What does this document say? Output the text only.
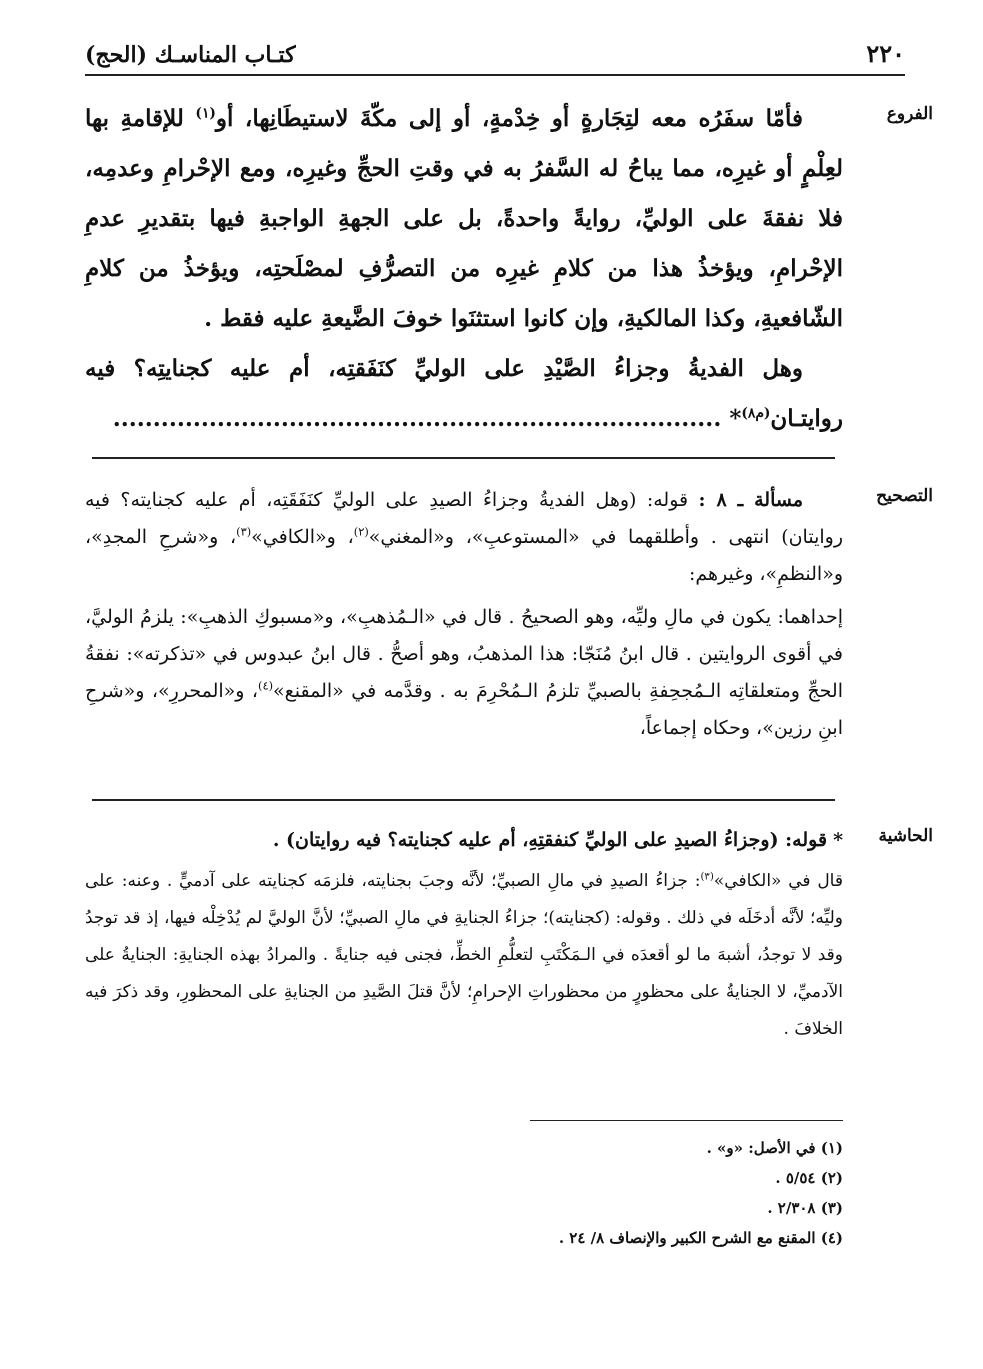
٢٢٠
كتـاب المناسـك (الحج)
الفروع

فأمّا سفَرُه معه لتِجَارةٍ أو خِدْمةٍ، أو إلى مكّةَ لاستيطَانِها، أو$^{(١)}$ للإقامةِ بها لعِلْمٍ أو غيرِه، مما يباحُ له السَّفرُ به في وقتِ الحجِّ وغيرِه، ومع الإحْرامِ وعدمِه، فلا نفقةَ على الوليِّ، روايةً واحدةً، بل على الجهةِ الواجبةِ فيها بتقديرِ عدمِ الإحْرامِ، ويؤخذُ هذا من كلامِ غيرِه من التصرُّفِ لمصْلَحتِه، ويؤخذُ من كلامِ الشّافعيةِ، وكذا المالكيةِ، وإن كانوا استثنَوا خوفَ الضَّيعةِ عليه فقط .

وهل الفديةُ وجزاءُ الصَّيْدِ على الوليِّ كنَفَقتِه، أم عليه كجنايتِه؟ فيه روايتـان$^{(م٨)}$* ............................................................................

التصحيح

مسألة ـ ٨ : قوله: (وهل الفديةُ وجزاءُ الصيدِ على الوليِّ كنَفَقَتِه، أم عليه كجنايته؟ فيه روايتان) انتهى . وأطلقهما في «المستوعبِ»، و«المغني»$^{(٢)}$، و«الكافي»$^{(٣)}$، و«شرحِ المجدِ»، و«النظمِ»، وغيرهم:

إحداهما: يكون في مالِ وليِّه، وهو الصحيحُ . قال في «الـمُذهبِ»، و«مسبوكِ الذهبِ»: يلزمُ الوليَّ، في أقوى الروايتين . قال ابنُ مُنَجّا: هذا المذهبُ، وهو أصحُّ . قال ابنُ عبدوس في «تذكرته»: نفقةُ الحجِّ ومتعلقاتِه الـمُجحِفةِ بالصبيِّ تلزمُ الـمُحْرِمَ به . وقدَّمه في «المقنع»$^{(٤)}$، و«المحررِ»، و«شرحِ ابنِ رزين»، وحكاه إجماعاً،

الحاشية

*قوله: (وجزاءُ الصيدِ على الوليِّ كنفقتِهِ، أم عليه كجنايته؟ فيه روايتان) .

قال في «الكافي»$^{(٣)}$: جزاءُ الصيدِ في مالِ الصبيِّ؛ لأنَّه وجبَ بجنايته، فلزمَه كجنايته على آدميٍّ . وعنه: على وليِّه؛ لأنَّه أدخَلَه في ذلك . وقوله: (كجنايته)؛ جزاءُ الجنايةِ في مالِ الصبيِّ؛ لأنَّ الوليَّ لم يُدْخِلْه فيها، إذ قد توجدُ وقد لا توجدُ، أشبهَ ما لو أقعدَه في الـمَكْتَبِ لتعلُّمِ الخطِّ، فجنى فيه جنايةً . والمرادُ بهذه الجنايةِ: الجنايةُ على الآدميِّ، لا الجنايةُ على محظورٍ من محظوراتِ الإحرامِ؛ لأنَّ قتلَ الصَّيدِ من الجنايةِ على المحظورِ، وقد ذكرَ فيه الخلافَ .

(١) في الأصل: «و» .
(٢) ٥/٥٤ .
(٣) ٢/٣٠٨ .
(٤) المقنع مع الشرح الكبير والإنصاف ٨/ ٢٤ .
